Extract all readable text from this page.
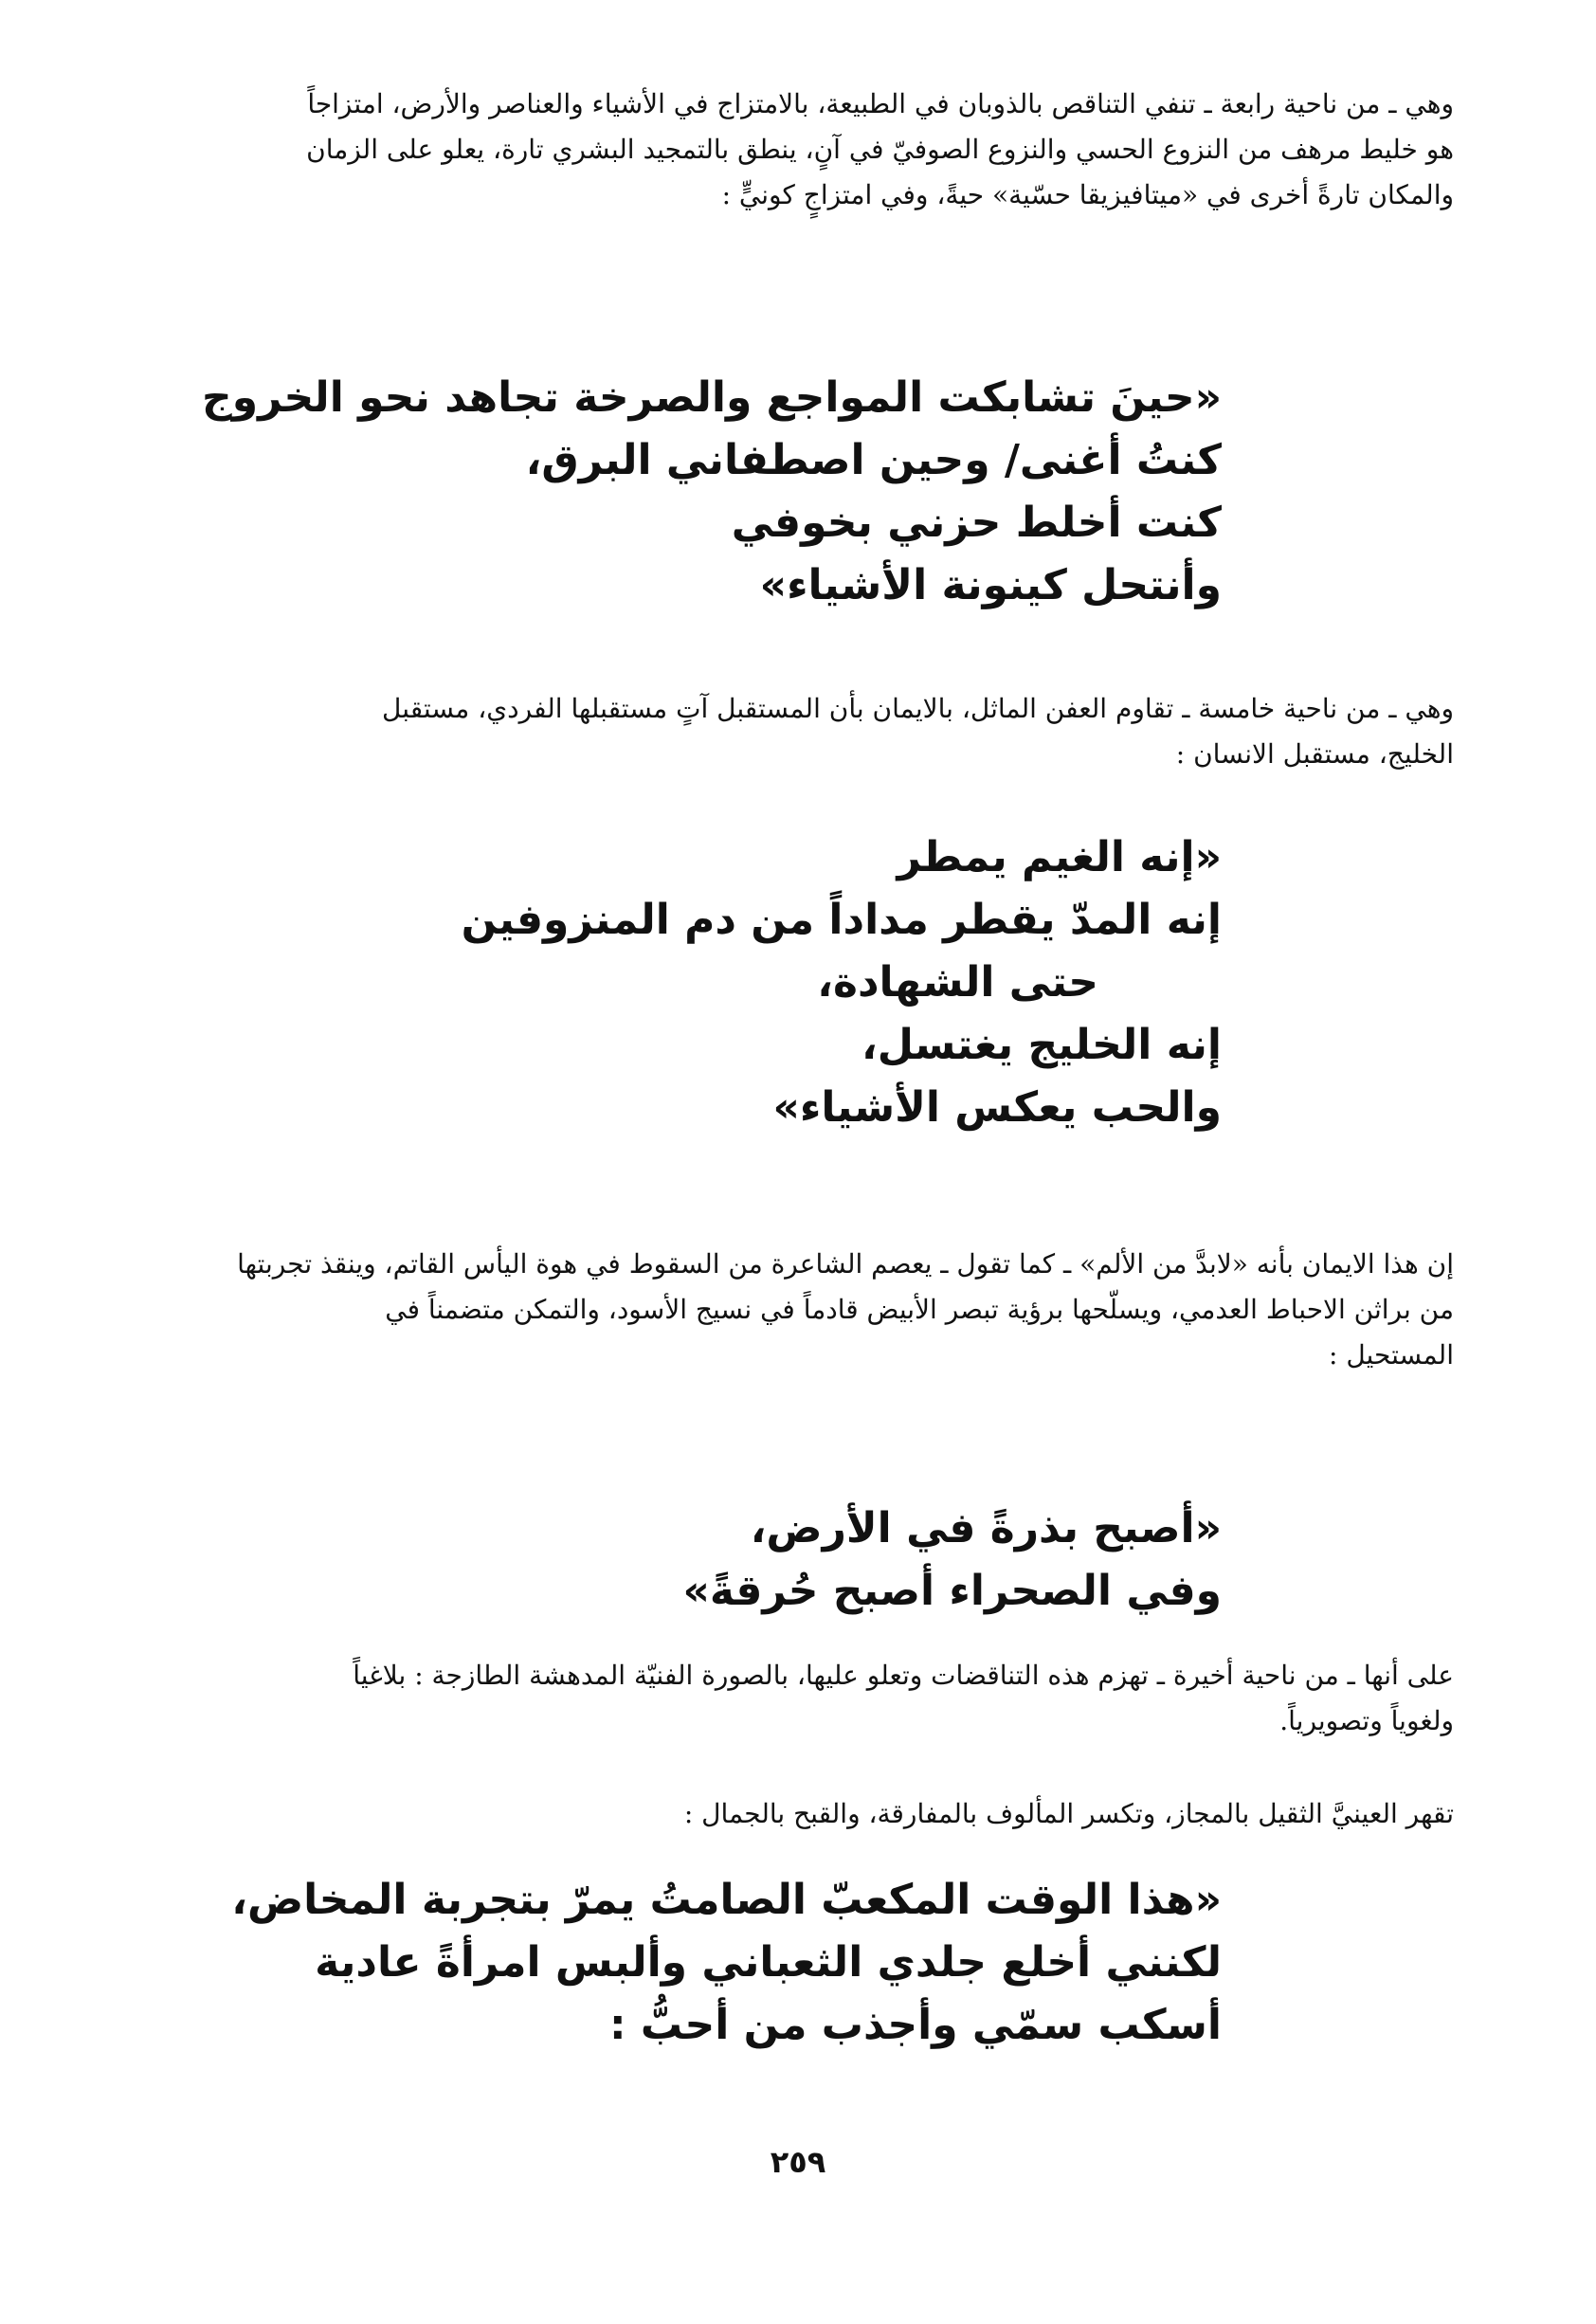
وهي ـ من ناحية رابعة ـ تنفي التناقص بالذوبان في الطبيعة، بالامتزاج في الأشياء والعناصر والأرض، امتزاجاً

هو خليط مرهف من النزوع الحسي والنزوع الصوفيّ في آنٍ، ينطق بالتمجيد البشري تارة، يعلو على الزمان

والمكان تارةً أخرى في «ميتافيزيقا حسّية» حيةً، وفي امتزاجٍ كونيٍّ :

«حينَ تشابكت المواجع والصرخة تجاهد نحو الخروج
كنتُ أغنى/ وحين اصطفاني البرق،
كنت أخلط حزني بخوفي
وأنتحل كينونة الأشياء»

وهي ـ من ناحية خامسة ـ تقاوم العفن الماثل، بالايمان بأن المستقبل آتٍ مستقبلها الفردي، مستقبل

الخليج، مستقبل الانسان :

«إنه الغيم يمطر
إنه المدّ يقطر مداداً من دم المنزوفين
حتى الشهادة،
إنه الخليج يغتسل،
والحب يعكس الأشياء»

إن هذا الايمان بأنه «لابدَّ من الألم» ـ كما تقول ـ يعصم الشاعرة من السقوط في هوة اليأس القاتم، وينقذ تجربتها

من براثن الاحباط العدمي، ويسلّحها برؤية تبصر الأبيض قادماً في نسيج الأسود، والتمكن متضمناً في

المستحيل :

«أصبح بذرةً في الأرض،
وفي الصحراء أصبح حُرقةً»

على أنها ـ من ناحية أخيرة ـ تهزم هذه التناقضات وتعلو عليها، بالصورة الفنيّة المدهشة الطازجة : بلاغياً

ولغوياً وتصويرياً.

تقهر العينيَّ الثقيل بالمجاز، وتكسر المألوف بالمفارقة، والقبح بالجمال :

«هذا الوقت المكعبّ الصامتُ يمرّ بتجربة المخاض،
لكنني أخلع جلدي الثعباني وألبس امرأةً عادية
أسكب سمّي وأجذب من أحبُّ :
٢٥٩
